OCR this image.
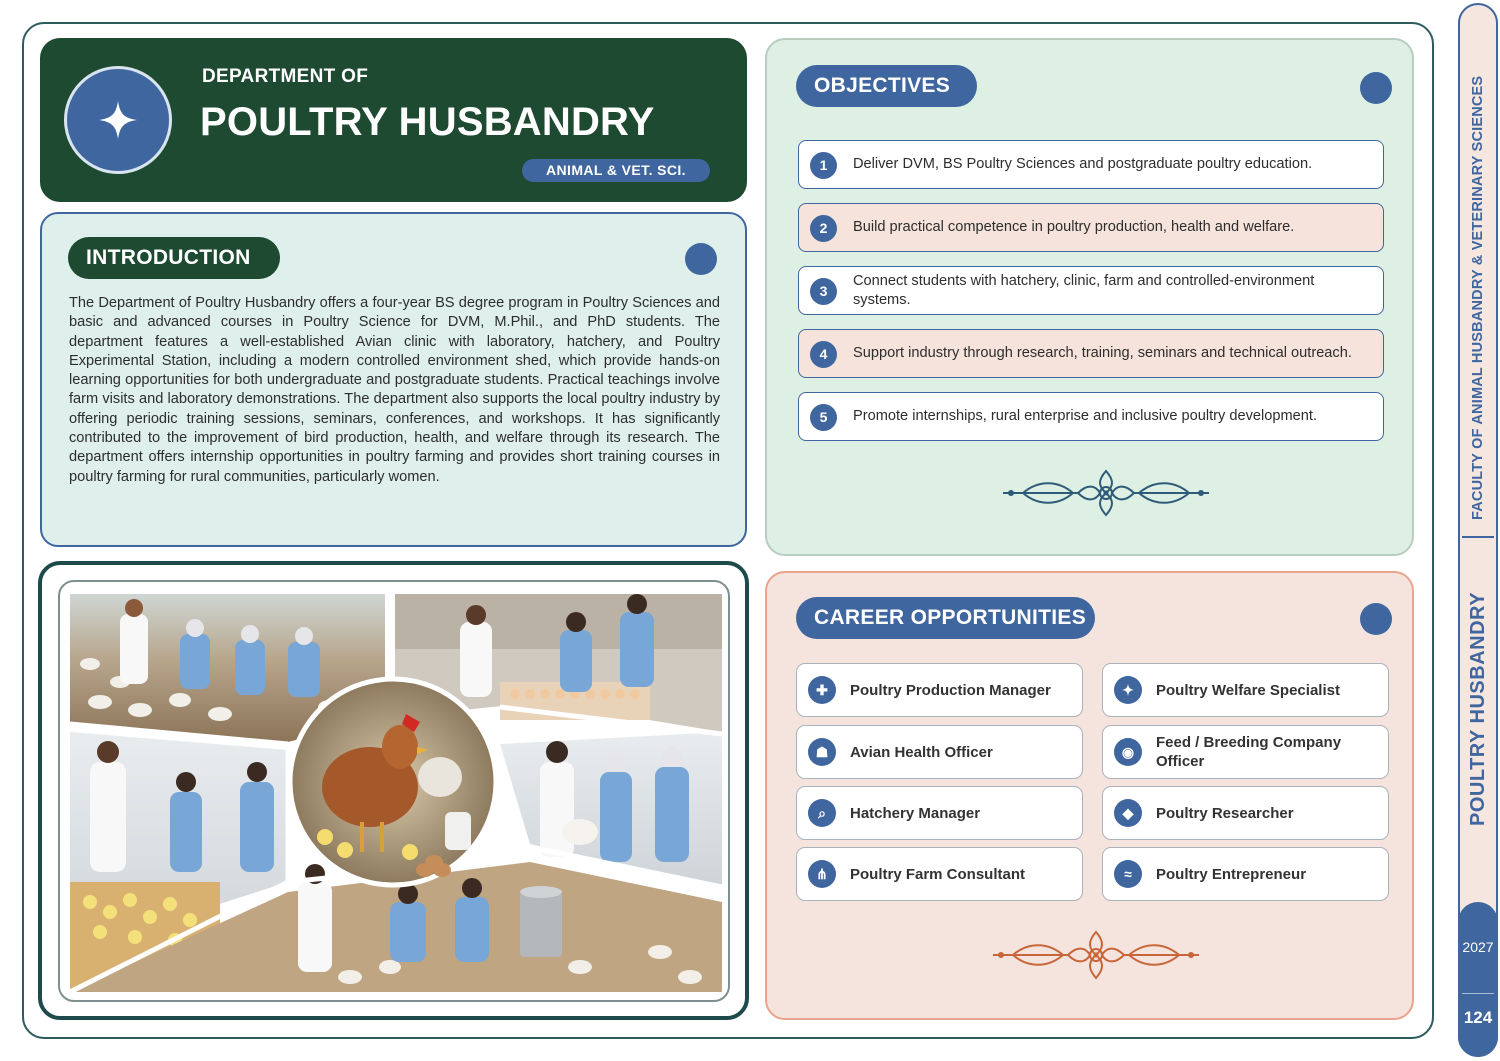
DEPARTMENT OF
POULTRY HUSBANDRY
ANIMAL & VET. SCI.
INTRODUCTION
The Department of Poultry Husbandry offers a four-year BS degree program in Poultry Sciences and basic and advanced courses in Poultry Science for DVM, M.Phil., and PhD students. The department features a well-established Avian clinic with laboratory, hatchery, and Poultry Experimental Station, including a modern controlled environment shed, which provide hands-on learning opportunities for both undergraduate and postgraduate students. Practical teachings involve farm visits and laboratory demonstrations. The department also supports the local poultry industry by offering periodic training sessions, seminars, conferences, and workshops. It has significantly contributed to the improvement of bird production, health, and welfare through its research. The department offers internship opportunities in poultry farming and provides short training courses in poultry farming for rural communities, particularly women.
OBJECTIVES
1	Deliver DVM, BS Poultry Sciences and postgraduate poultry education.
2	Build practical competence in poultry production, health and welfare.
3
Connect students with hatchery, clinic, farm and controlled-environment systems.
4	Support industry through research, training, seminars and technical outreach.
5	Promote internships, rural enterprise and inclusive poultry development.
CAREER OPPORTUNITIES
✚	Poultry Production Manager	✦	Poultry Welfare Specialist
☗	Avian Health Officer	◉
Feed / Breeding Company Officer
⌕	Hatchery Manager	◆	Poultry Researcher
⋔	Poultry Farm Consultant	≈	Poultry Entrepreneur
FACULTY OF ANIMAL HUSBANDRY & VETERINARY SCIENCES
POULTRY HUSBANDRY
2027
124
